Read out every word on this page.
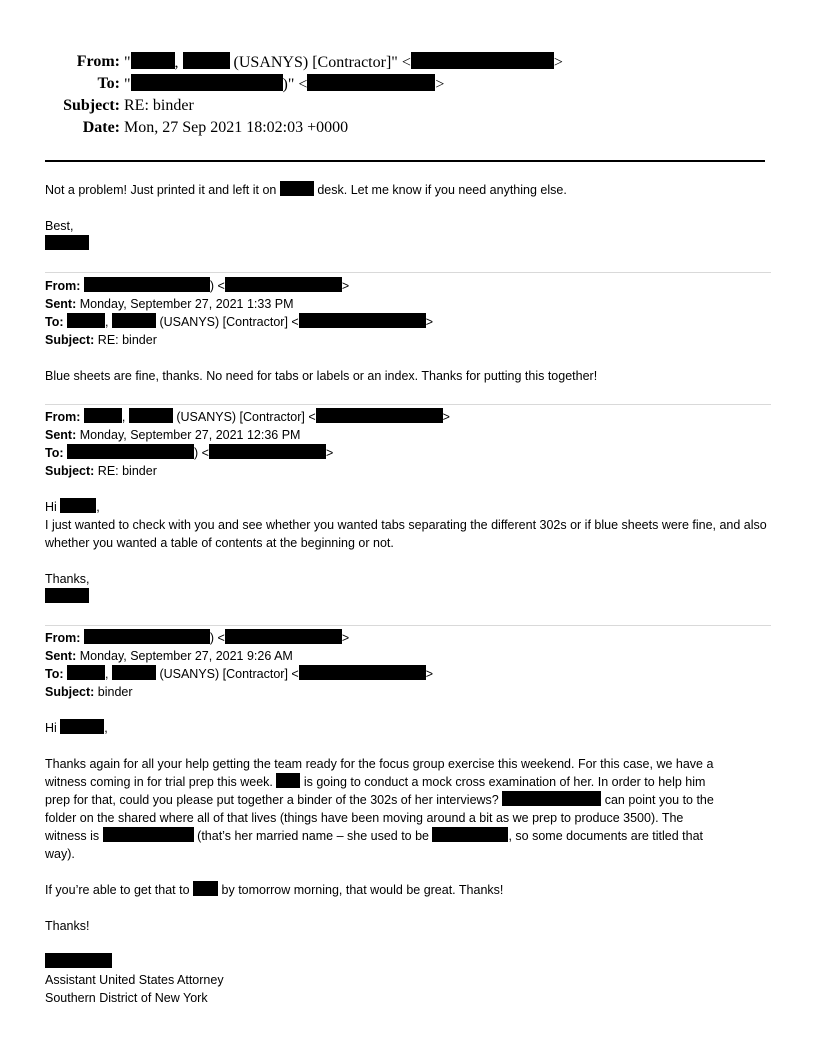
From: "	,	(USANYS) [Contractor]" <	>
To: "	)" <	>
Subject: RE: binder
Date: Mon, 27 Sep 2021 18:02:03 +0000
Not a problem! Just printed it and left it on	desk. Let me know if you need anything else.
Best,
From:	) <	>
Sent: Monday, September 27, 2021 1:33 PM
To:	,	(USANYS) [Contractor] <	>
Subject: RE: binder
Blue sheets are fine, thanks. No need for tabs or labels or an index. Thanks for putting this together!
From:	,	(USANYS) [Contractor] <	>
Sent: Monday, September 27, 2021 12:36 PM
To:	) <	>
Subject: RE: binder
Hi	,
I just wanted to check with you and see whether you wanted tabs separating the different 302s or if blue sheets were fine, and also whether you wanted a table of contents at the beginning or not.
Thanks,
From:	) <	>
Sent: Monday, September 27, 2021 9:26 AM
To:	,	(USANYS) [Contractor] <	>
Subject: binder
Hi	,
Thanks again for all your help getting the team ready for the focus group exercise this weekend. For this case, we have a
witness coming in for trial prep this week. is going to conduct a mock cross examination of her. In order to help him
prep for that, could you please put together a binder of the 302s of her interviews?	can point you to the
folder on the shared where all of that lives (things have been moving around a bit as we prep to produce 3500). The
witness is	(that’s her married name – she used to be	, so some documents are titled that
way).
If you’re able to get that to	by tomorrow morning, that would be great. Thanks!
Thanks!
Assistant United States Attorney
Southern District of New York
